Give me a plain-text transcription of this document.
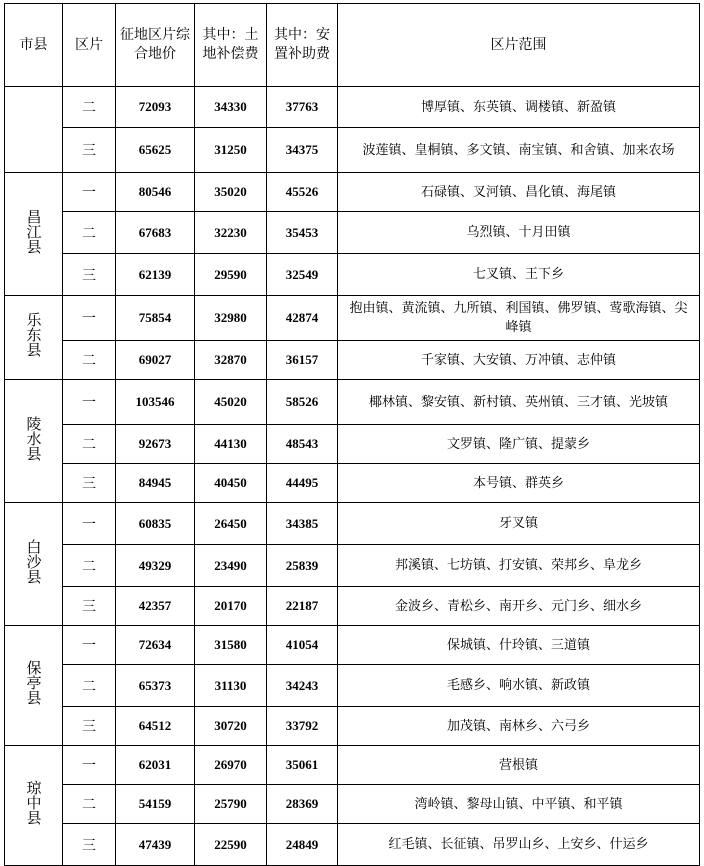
市县	区片	征地区片综合地价	其中：土地补偿费	其中：安置补助费	区片范围

	二	72093	34330	37763	博厚镇、东英镇、调楼镇、新盈镇
	三	65625	31250	34375	波莲镇、皇桐镇、多文镇、南宝镇、和舍镇、加来农场
昌江县	一	80546	35020	45526	石碌镇、叉河镇、昌化镇、海尾镇
	二	67683	32230	35453	乌烈镇、十月田镇
	三	62139	29590	32549	七叉镇、王下乡
乐东县	一	75854	32980	42874	抱由镇、黄流镇、九所镇、利国镇、佛罗镇、莺歌海镇、尖峰镇
	二	69027	32870	36157	千家镇、大安镇、万冲镇、志仲镇
陵水县	一	103546	45020	58526	椰林镇、黎安镇、新村镇、英州镇、三才镇、光坡镇
	二	92673	44130	48543	文罗镇、隆广镇、提蒙乡
	三	84945	40450	44495	本号镇、群英乡
白沙县	一	60835	26450	34385	牙叉镇
	二	49329	23490	25839	邦溪镇、七坊镇、打安镇、荣邦乡、阜龙乡
	三	42357	20170	22187	金波乡、青松乡、南开乡、元门乡、细水乡
保亭县	一	72634	31580	41054	保城镇、什玲镇、三道镇
	二	65373	31130	34243	毛感乡、响水镇、新政镇
	三	64512	30720	33792	加茂镇、南林乡、六弓乡
琼中县	一	62031	26970	35061	营根镇
	二	54159	25790	28369	湾岭镇、黎母山镇、中平镇、和平镇
	三	47439	22590	24849	红毛镇、长征镇、吊罗山乡、上安乡、什运乡
